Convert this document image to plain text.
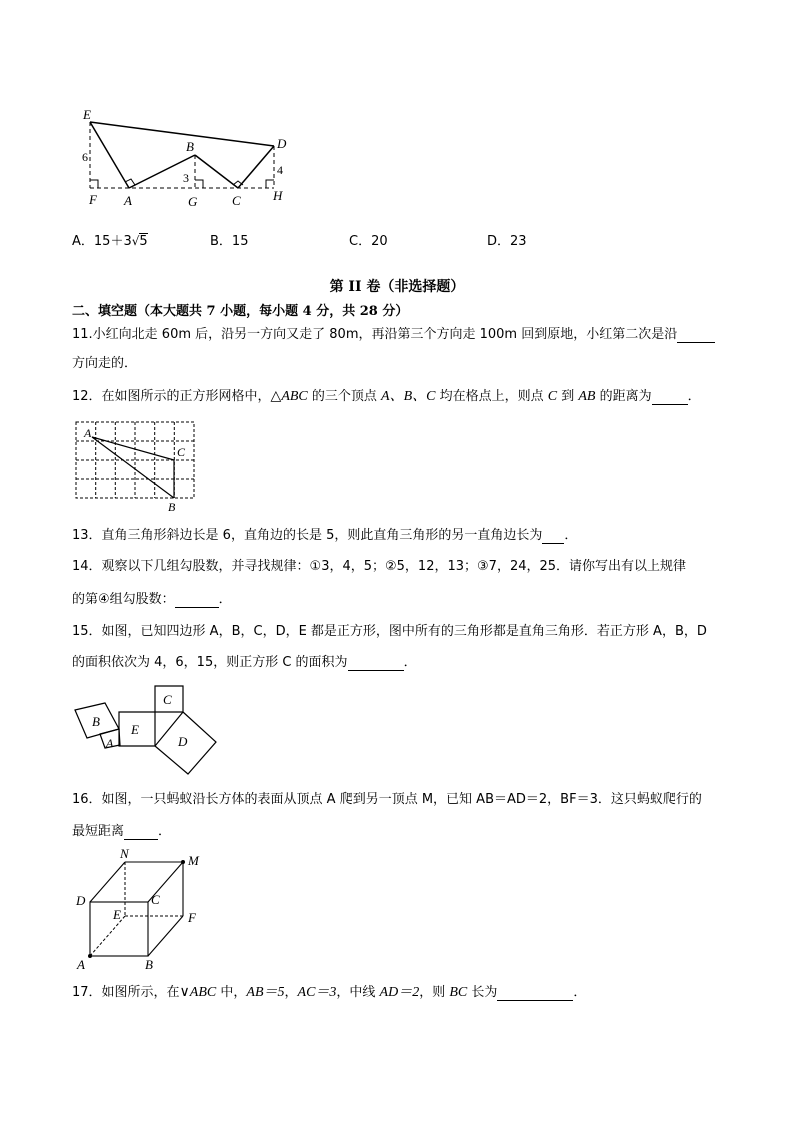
E
D
B
F A	G	C H
6
3
4
A．15＋3√5	B．15	C．20	D．23
第 II 卷（非选择题）
二、填空题（本大题共 7 小题，每小题 4 分，共 28 分）
11.小红向北走 60m 后，沿另一方向又走了 80m，再沿第三个方向走 100m 回到原地，小红第二次是沿
方向走的．
12．在如图所示的正方形网格中，△ABC 的三个顶点 A、B、C 均在格点上，则点 C 到 AB 的距离为	．
A
C
B
13．直角三角形斜边长是 6，直角边的长是 5，则此直角三角形的另一直角边长为 ．
14．观察以下几组勾股数，并寻找规律：①3，4，5；②5，12，13；③7，24，25．请你写出有以上规律
的第④组勾股数：	．
15．如图，已知四边形 A，B，C，D，E 都是正方形，图中所有的三角形都是直角三角形．若正方形 A，B，D
的面积依次为 4，6，15，则正方形 C 的面积为	．
B
A
E
C
D
16．如图，一只蚂蚁沿长方体的表面从顶点 A 爬到另一顶点 M，已知 AB＝AD＝2，BF＝3．这只蚂蚁爬行的
最短距离	．
N	M
D	C
E	F
A	B
17．如图所示，在∨ABC 中，AB＝5，AC＝3，中线 AD＝2，则 BC 长为	．
